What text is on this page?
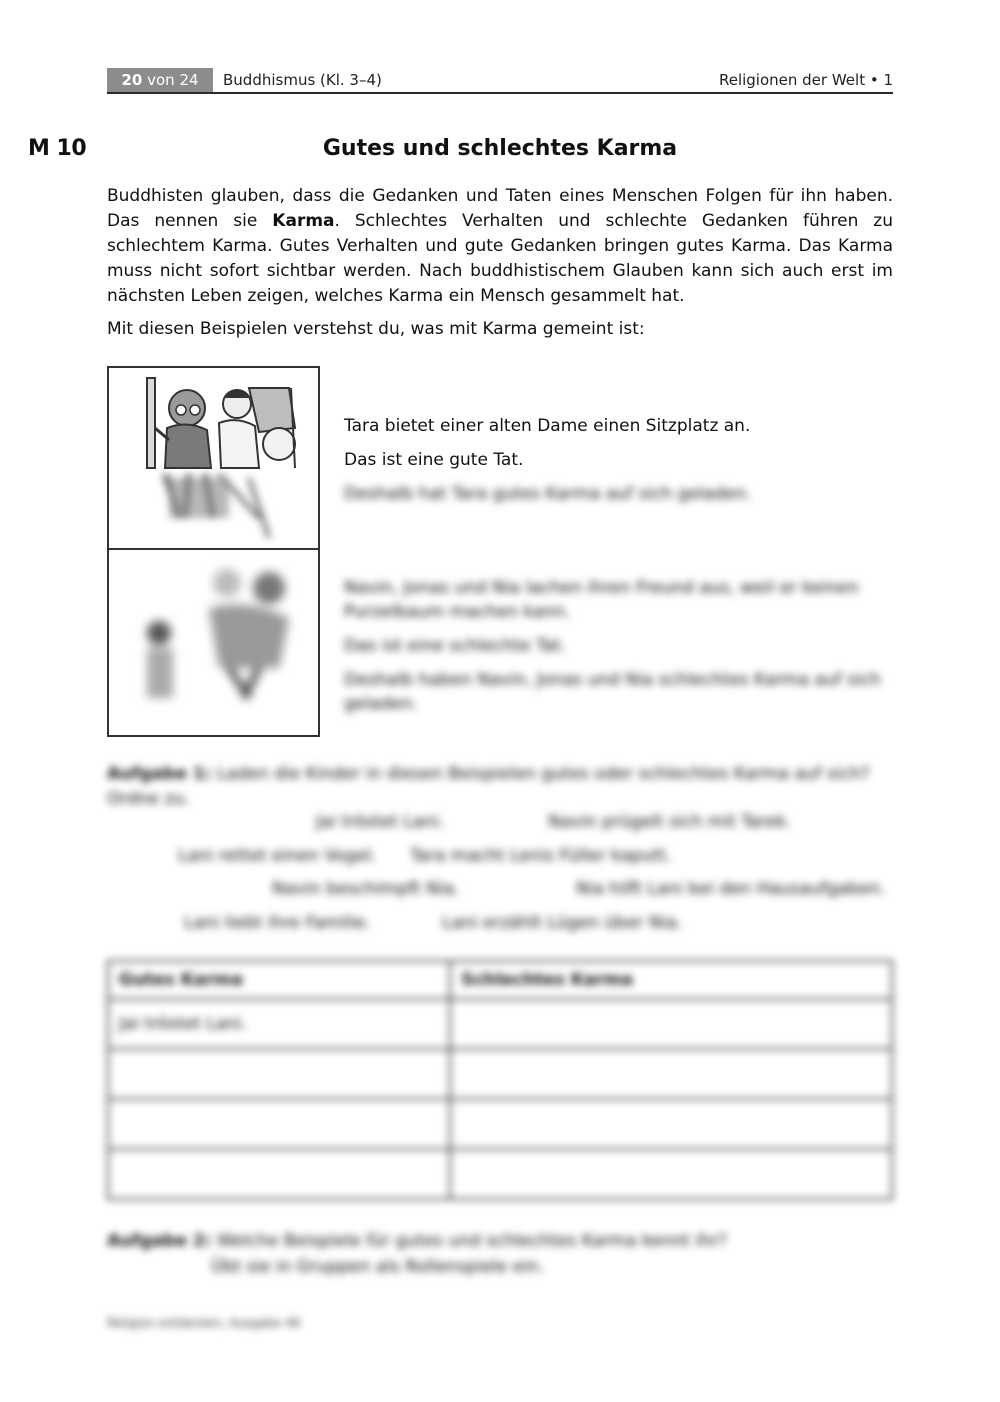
20 von 24	Buddhismus (Kl. 3–4)	Religionen der Welt • 1
M 10	Gutes und schlechtes Karma

Buddhisten glauben, dass die Gedanken und Taten eines Menschen Folgen für ihn haben. Das nennen sie Karma. Schlechtes Verhalten und schlechte Gedanken führen zu schlechtem Karma. Gutes Verhalten und gute Gedanken bringen gutes Karma. Das Karma muss nicht sofort sichtbar werden. Nach buddhistischem Glauben kann sich auch erst im nächsten Leben zeigen, welches Karma ein Mensch gesammelt hat.

Mit diesen Beispielen verstehst du, was mit Karma gemeint ist:
Tara bietet einer alten Dame einen Sitzplatz an.
Das ist eine gute Tat.
Deshalb hat Tara gutes Karma auf sich geladen.
Navin, Jonas und Nia lachen ihren Freund aus, weil er keinen Purzelbaum machen kann.
Das ist eine schlechte Tat.
Deshalb haben Navin, Jonas und Nia schlechtes Karma auf sich geladen.
Aufgabe 1: Laden die Kinder in diesen Beispielen gutes oder schlechtes Karma auf sich? Ordne zu.
Jai tröstet Lani.	Navin prügelt sich mit Tarek.
Lani rettet einen Vogel. Tara macht Lenis Füller kaputt.
Navin beschimpft Nia.	Nia hilft Lani bei den Hausaufgaben.
Lani liebt ihre Familie.	Lani erzählt Lügen über Nia.
Gutes Karma	Schlechtes Karma
Jai tröstet Lani.	

Aufgabe 2: Welche Beispiele für gutes und schlechtes Karma kennt ihr?
Übt sie in Gruppen als Rollenspiele ein.
Religion entdecken, Ausgabe 48
